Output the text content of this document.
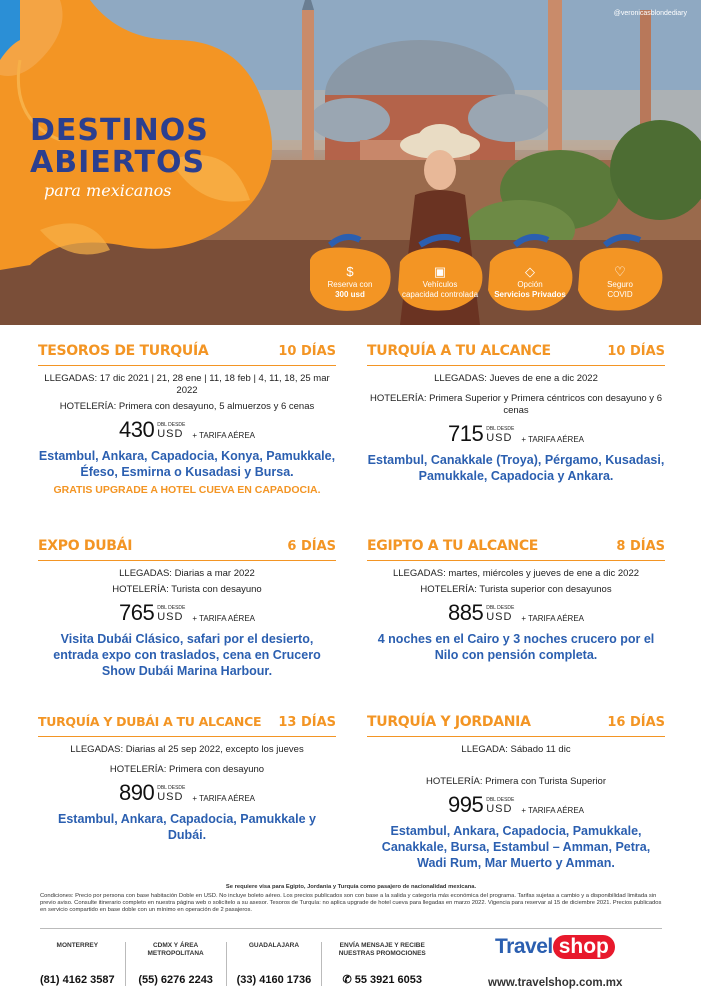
@veronicasblondediary
DESTINOS
ABIERTOS
para mexicanos
$
Reserva con
300 usd
▣
Vehículos
capacidad controlada
◇
Opción
Servicios Privados
♡
Seguro
COVID
TESOROS DE TURQUÍA	10 DÍAS
LLEGADAS: 17 dic 2021 | 21, 28 ene | 11, 18 feb | 4, 11, 18, 25 mar 2022
HOTELERÍA: Primera con desayuno, 5 almuerzos y 6 cenas
430 DBL DESDE
USD + TARIFA AÉREA
Estambul, Ankara, Capadocia, Konya, Pamukkale, Éfeso, Esmirna o Kusadasi y Bursa.
GRATIS UPGRADE A HOTEL CUEVA EN CAPADOCIA.
TURQUÍA A TU ALCANCE	10 DÍAS
LLEGADAS: Jueves de ene a dic 2022
HOTELERÍA: Primera Superior y Primera céntricos con desayuno y 6 cenas
715 DBL DESDE
USD + TARIFA AÉREA
Estambul, Canakkale (Troya), Pérgamo, Kusadasi, Pamukkale, Capadocia y Ankara.
EXPO DUBÁI	6 DÍAS
LLEGADAS: Diarias a mar 2022
HOTELERÍA: Turista con desayuno
765 DBL DESDE
USD + TARIFA AÉREA
Visita Dubái Clásico, safari por el desierto, entrada expo con traslados, cena en Crucero Show Dubái Marina Harbour.
EGIPTO A TU ALCANCE	8 DÍAS
LLEGADAS: martes, miércoles y jueves de ene a dic 2022
HOTELERÍA: Turista superior con desayunos
885 DBL DESDE
USD + TARIFA AÉREA
4 noches en el Cairo y 3 noches crucero por el Nilo con pensión completa.
TURQUÍA Y DUBÁI A TU ALCANCE 13 DÍAS
LLEGADAS: Diarias al 25 sep 2022, excepto los jueves
HOTELERÍA: Primera con desayuno
890 DBL DESDE
USD + TARIFA AÉREA
Estambul, Ankara, Capadocia, Pamukkale y Dubái.
TURQUÍA Y JORDANIA	16 DÍAS
LLEGADA: Sábado 11 dic
HOTELERÍA: Primera con Turista Superior
995 DBL DESDE
USD + TARIFA AÉREA
Estambul, Ankara, Capadocia, Pamukkale, Canakkale, Bursa, Estambul – Amman, Petra, Wadi Rum, Mar Muerto y Amman.
Se requiere visa para Egipto, Jordania y Turquía como pasajero de nacionalidad mexicana.
Condiciones: Precio por persona con base habitación Doble en USD. No incluye boleto aéreo. Los precios publicados son con base a la salida y categoría más económica del programa. Tarifas sujetas a cambio y a disponibilidad limitada sin previo aviso. Consulte itinerario completo en nuestra página web o solicítelo a su asesor. Tesoros de Turquía: no aplica upgrade de hotel cueva para llegadas en marzo 2022. Vigencia para reservar al 15 de diciembre 2021. Precios publicados en servicio compartido en base doble con un mínimo en operación de 2 pasajeros.
MONTERREY
(81) 4162 3587
CDMX Y ÁREA METROPOLITANA
(55) 6276 2243
GUADALAJARA
(33) 4160 1736
ENVÍA MENSAJE Y RECIBE NUESTRAS PROMOCIONES
✆ 55 3921 6053
Travel shop
www.travelshop.com.mx
